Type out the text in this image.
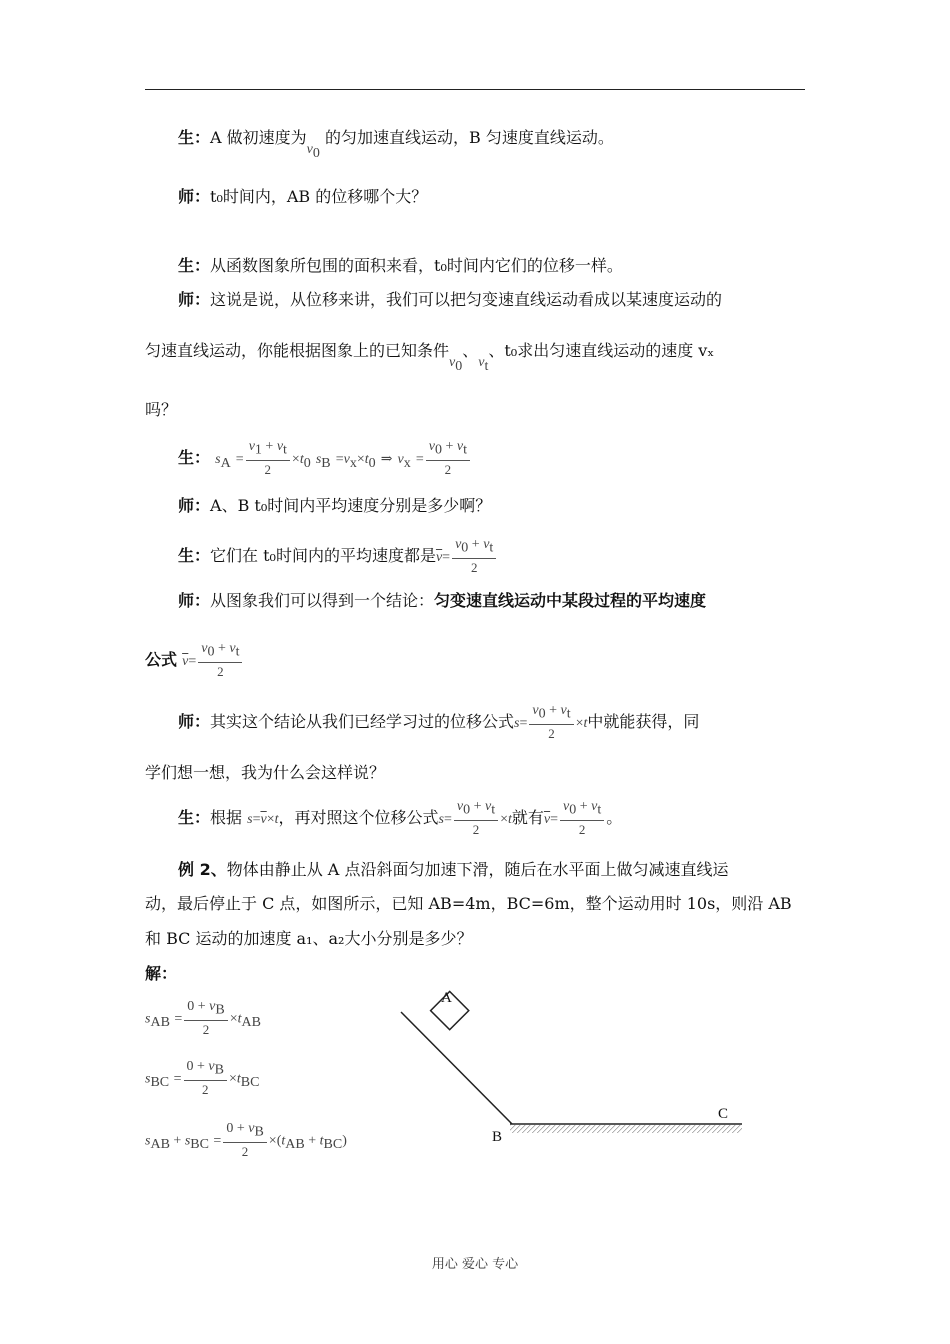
生：A 做初速度为$v_0$ 的匀加速直线运动，B 匀速度直线运动。
师：t₀时间内，AB 的位移哪个大？
生：从函数图象所包围的面积来看，t₀时间内它们的位移一样。
师：这说是说，从位移来讲，我们可以把匀变速直线运动看成以某速度运动的
匀速直线运动，你能根据图象上的已知条件$v_0$、$v_t$、t₀求出匀速直线运动的速度 vₓ
吗？
生： $s_A = \frac{v_1 + v_t}{2} \times t_0$ $s_B =v_x\times t_0$ ⇒ $v_x = \frac{v_0 + v_t}{2}$
师：A、B t₀时间内平均速度分别是多少啊？
生：它们在 t₀时间内的平均速度都是$\overline{v}= \frac{v_0 + v_t}{2}$
师：从图象我们可以得到一个结论：匀变速直线运动中某段过程的平均速度
公式 $\overline{v}= \frac{v_0 + v_t}{2}$
师：其实这个结论从我们已经学习过的位移公式$s= \frac{v_0 + v_t}{2} \times t$中就能获得，同
学们想一想，我为什么会这样说？
生：根据 $s=\overline{v}\times t$，再对照这个位移公式$s= \frac{v_0 + v_t}{2} \times t$就有$\overline{v}= \frac{v_0 + v_t}{2}$ 。
例 2、物体由静止从 A 点沿斜面匀加速下滑，随后在水平面上做匀减速直线运
动，最后停止于 C 点，如图所示，已知 AB=4m，BC=6m，整个运动用时 10s，则沿 AB
和 BC 运动的加速度 a₁、a₂大小分别是多少？
解：
$s_{AB} = \frac{0 + v_B}{2} \times t_{AB}$
$s_{BC} = \frac{0 + v_B}{2} \times t_{BC}$
$s_{AB} + s_{BC} = \frac{0 + v_B}{2} \times(t_{AB} + t_{BC})$
A
B
C
用心 爱心 专心
